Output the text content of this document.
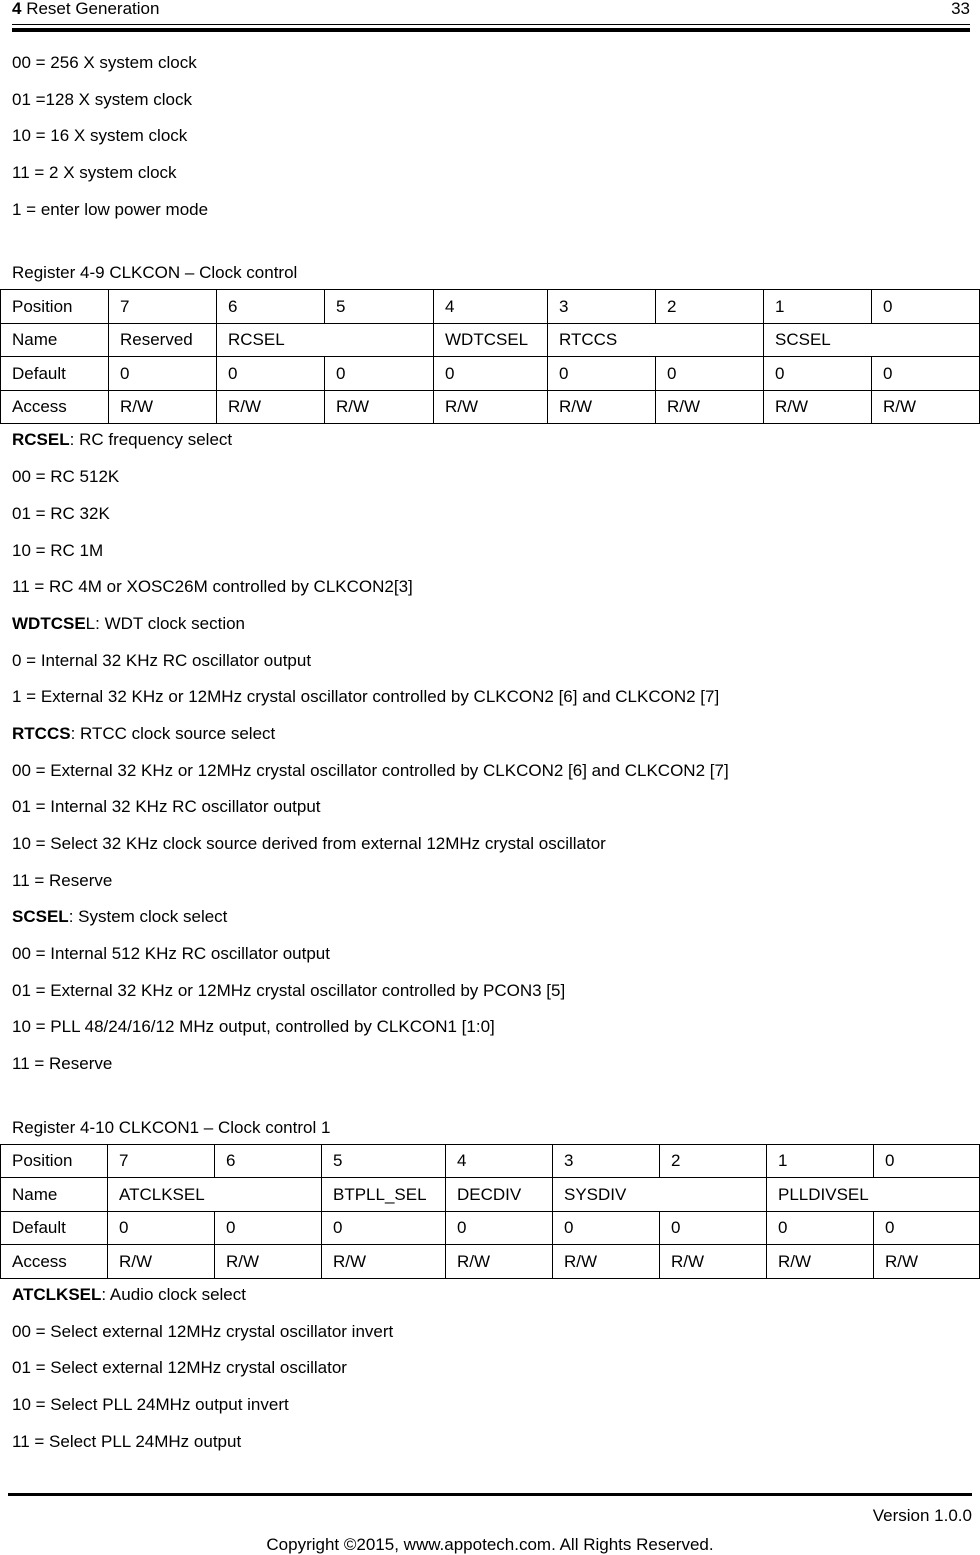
4 Reset Generation	33
00 = 256 X system clock
01 =128 X system clock
10 = 16 X system clock
11 = 2 X system clock
1 = enter low power mode
Register 4-9 CLKCON – Clock control
Position	7	6	5	4	3	2	1	0
Name	Reserved	RCSEL		WDTCSEL	RTCCS		SCSEL	
Default	0	0	0	0	0	0	0	0
Access	R/W	R/W	R/W	R/W	R/W	R/W	R/W	R/W
RCSEL: RC frequency select
00 = RC 512K
01 = RC 32K
10 = RC 1M
11 = RC 4M or XOSC26M controlled by CLKCON2[3]
WDTCSEL: WDT clock section
0 = Internal 32 KHz RC oscillator output
1 = External 32 KHz or 12MHz crystal oscillator controlled by CLKCON2 [6] and CLKCON2 [7]
RTCCS: RTCC clock source select
00 = External 32 KHz or 12MHz crystal oscillator controlled by CLKCON2 [6] and CLKCON2 [7]
01 = Internal 32 KHz RC oscillator output
10 = Select 32 KHz clock source derived from external 12MHz crystal oscillator
11 = Reserve
SCSEL: System clock select
00 = Internal 512 KHz RC oscillator output
01 = External 32 KHz or 12MHz crystal oscillator controlled by PCON3 [5]
10 = PLL 48/24/16/12 MHz output, controlled by CLKCON1 [1:0]
11 = Reserve
Register 4-10 CLKCON1 – Clock control 1
Position	7	6	5	4	3	2	1	0
Name	ATCLKSEL		BTPLL_SEL	DECDIV	SYSDIV		PLLDIVSEL	
Default	0	0	0	0	0	0	0	0
Access	R/W	R/W	R/W	R/W	R/W	R/W	R/W	R/W
ATCLKSEL: Audio clock select
00 = Select external 12MHz crystal oscillator invert
01 = Select external 12MHz crystal oscillator
10 = Select PLL 24MHz output invert
11 = Select PLL 24MHz output
Version 1.0.0
Copyright ©2015, www.appotech.com. All Rights Reserved.
